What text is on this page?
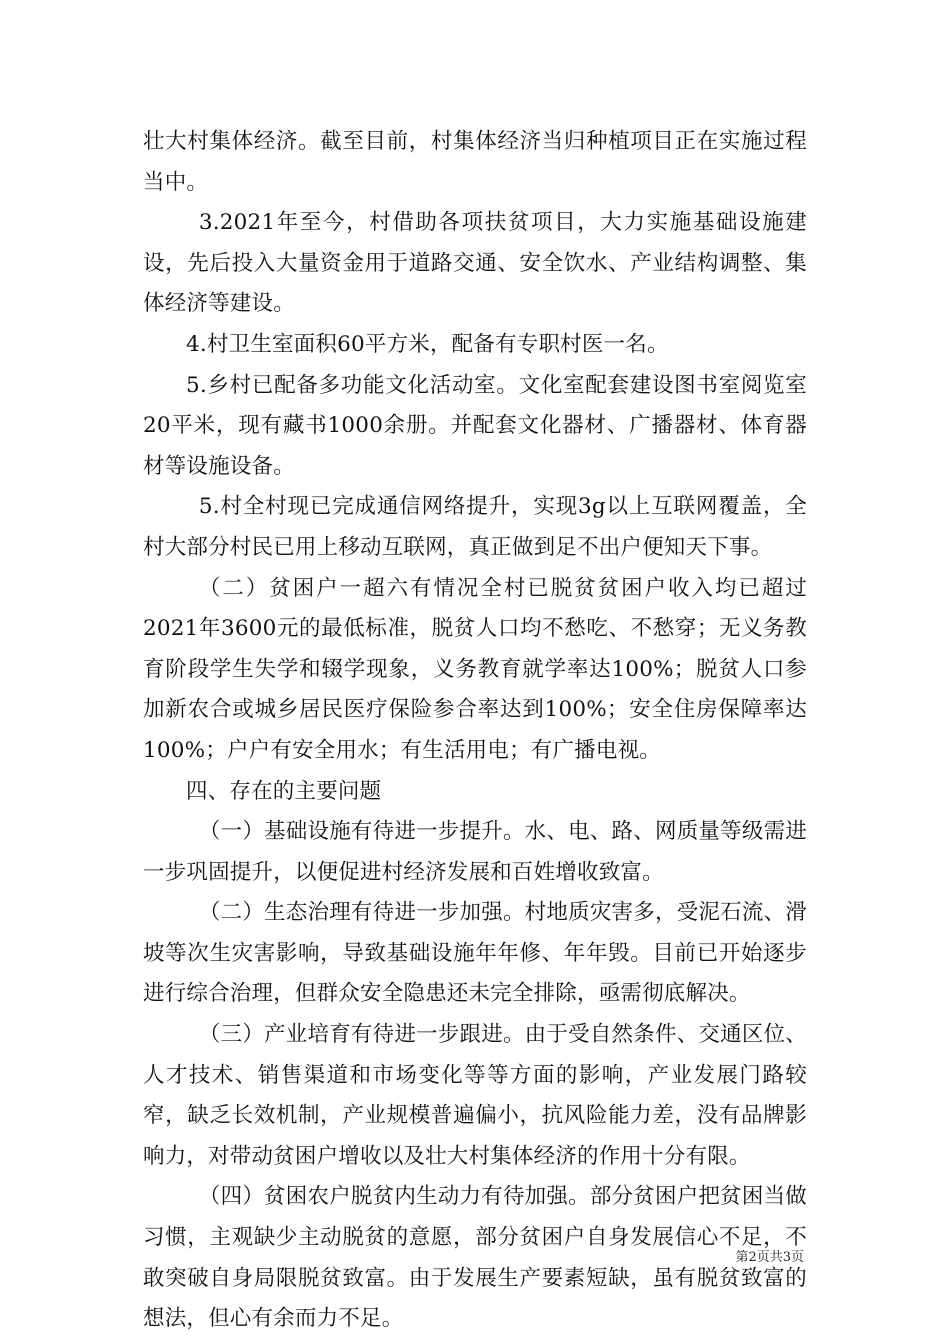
壮大村集体经济。截至目前，村集体经济当归种植项目正在实施过程当中。

3.2021年至今，村借助各项扶贫项目，大力实施基础设施建设，先后投入大量资金用于道路交通、安全饮水、产业结构调整、集体经济等建设。

4.村卫生室面积60平方米，配备有专职村医一名。

5.乡村已配备多功能文化活动室。文化室配套建设图书室阅览室20平米，现有藏书1000余册。并配套文化器材、广播器材、体育器材等设施设备。

5.村全村现已完成通信网络提升，实现3g以上互联网覆盖，全村大部分村民已用上移动互联网，真正做到足不出户便知天下事。

（二）贫困户一超六有情况全村已脱贫贫困户收入均已超过2021年3600元的最低标准，脱贫人口均不愁吃、不愁穿；无义务教育阶段学生失学和辍学现象，义务教育就学率达100%；脱贫人口参加新农合或城乡居民医疗保险参合率达到100%；安全住房保障率达100%；户户有安全用水；有生活用电；有广播电视。

四、存在的主要问题

（一）基础设施有待进一步提升。水、电、路、网质量等级需进一步巩固提升，以便促进村经济发展和百姓增收致富。

（二）生态治理有待进一步加强。村地质灾害多，受泥石流、滑坡等次生灾害影响，导致基础设施年年修、年年毁。目前已开始逐步进行综合治理，但群众安全隐患还未完全排除，亟需彻底解决。

（三）产业培育有待进一步跟进。由于受自然条件、交通区位、人才技术、销售渠道和市场变化等等方面的影响，产业发展门路较窄，缺乏长效机制，产业规模普遍偏小，抗风险能力差，没有品牌影响力，对带动贫困户增收以及壮大村集体经济的作用十分有限。

（四）贫困农户脱贫内生动力有待加强。部分贫困户把贫困当做习惯，主观缺少主动脱贫的意愿，部分贫困户自身发展信心不足，不敢突破自身局限脱贫致富。由于发展生产要素短缺，虽有脱贫致富的想法，但心有余而力不足。

第2页共3页
